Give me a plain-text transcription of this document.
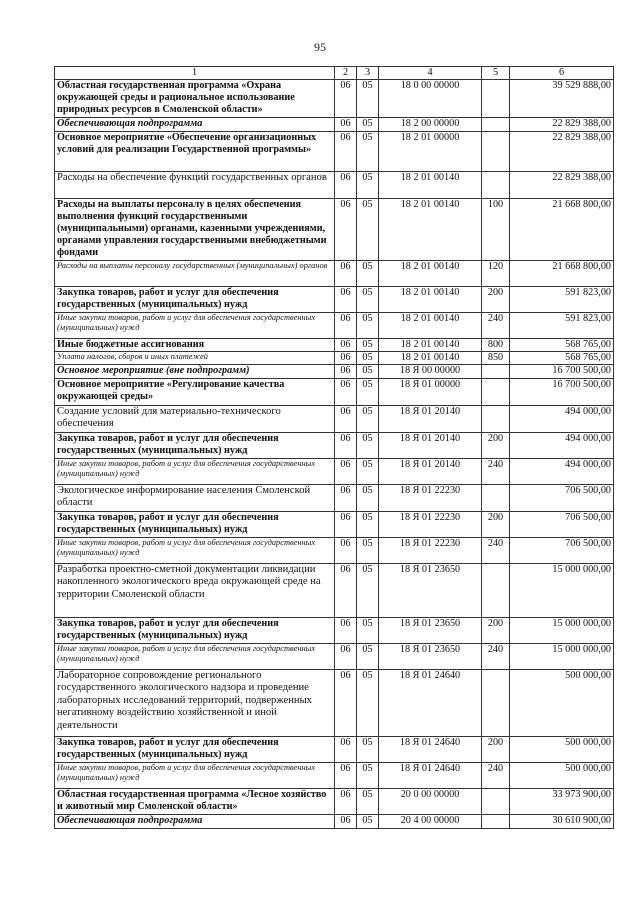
95
1	2	3	4	5	6
Областная государственная программа «Охрана окружающей среды и рациональное использование природных ресурсов в Смоленской области»	06	05	18 0 00 00000		39 529 888,00
Обеспечивающая подпрограмма	06	05	18 2 00 00000		22 829 388,00
Основное мероприятие «Обеспечение организационных условий для реализации Государственной программы»	06	05	18 2 01 00000		22 829 388,00
Расходы на обеспечение функций государственных органов	06	05	18 2 01 00140		22 829 388,00
Расходы на выплаты персоналу в целях обеспечения выполнения функций государственными (муниципальными) органами, казенными учреждениями, органами управления государственными внебюджетными фондами	06	05	18 2 01 00140	100	21 668 800,00
Расходы на выплаты персоналу государственных (муниципальных) органов	06	05	18 2 01 00140	120	21 668 800,00
Закупка товаров, работ и услуг для обеспечения государственных (муниципальных) нужд	06	05	18 2 01 00140	200	591 823,00
Иные закупки товаров, работ и услуг для обеспечения государственных (муниципальных) нужд	06	05	18 2 01 00140	240	591 823,00
Иные бюджетные ассигнования	06	05	18 2 01 00140	800	568 765,00
Уплата налогов, сборов и иных платежей	06	05	18 2 01 00140	850	568 765,00
Основное мероприятие (вне подпрограмм)	06	05	18 Я 00 00000		16 700 500,00
Основное мероприятие «Регулирование качества окружающей среды»	06	05	18 Я 01 00000		16 700 500,00
Создание условий для материально-технического обеспечения	06	05	18 Я 01 20140		494 000,00
Закупка товаров, работ и услуг для обеспечения государственных (муниципальных) нужд	06	05	18 Я 01 20140	200	494 000,00
Иные закупки товаров, работ и услуг для обеспечения государственных (муниципальных) нужд	06	05	18 Я 01 20140	240	494 000,00
Экологическое информирование населения Смоленской области	06	05	18 Я 01 22230		706 500,00
Закупка товаров, работ и услуг для обеспечения государственных (муниципальных) нужд	06	05	18 Я 01 22230	200	706 500,00
Иные закупки товаров, работ и услуг для обеспечения государственных (муниципальных) нужд	06	05	18 Я 01 22230	240	706 500,00
Разработка проектно-сметной документации ликвидации накопленного экологического вреда окружающей среде на территории Смоленской области	06	05	18 Я 01 23650		15 000 000,00
Закупка товаров, работ и услуг для обеспечения государственных (муниципальных) нужд	06	05	18 Я 01 23650	200	15 000 000,00
Иные закупки товаров, работ и услуг для обеспечения государственных (муниципальных) нужд	06	05	18 Я 01 23650	240	15 000 000,00
Лабораторное сопровождение регионального государственного экологического надзора и проведение лабораторных исследований территорий, подверженных негативному воздействию хозяйственной и иной деятельности	06	05	18 Я 01 24640		500 000,00
Закупка товаров, работ и услуг для обеспечения государственных (муниципальных) нужд	06	05	18 Я 01 24640	200	500 000,00
Иные закупки товаров, работ и услуг для обеспечения государственных (муниципальных) нужд	06	05	18 Я 01 24640	240	500 000,00
Областная государственная программа «Лесное хозяйство и животный мир Смоленской области»	06	05	20 0 00 00000		33 973 900,00
Обеспечивающая подпрограмма	06	05	20 4 00 00000		30 610 900,00
